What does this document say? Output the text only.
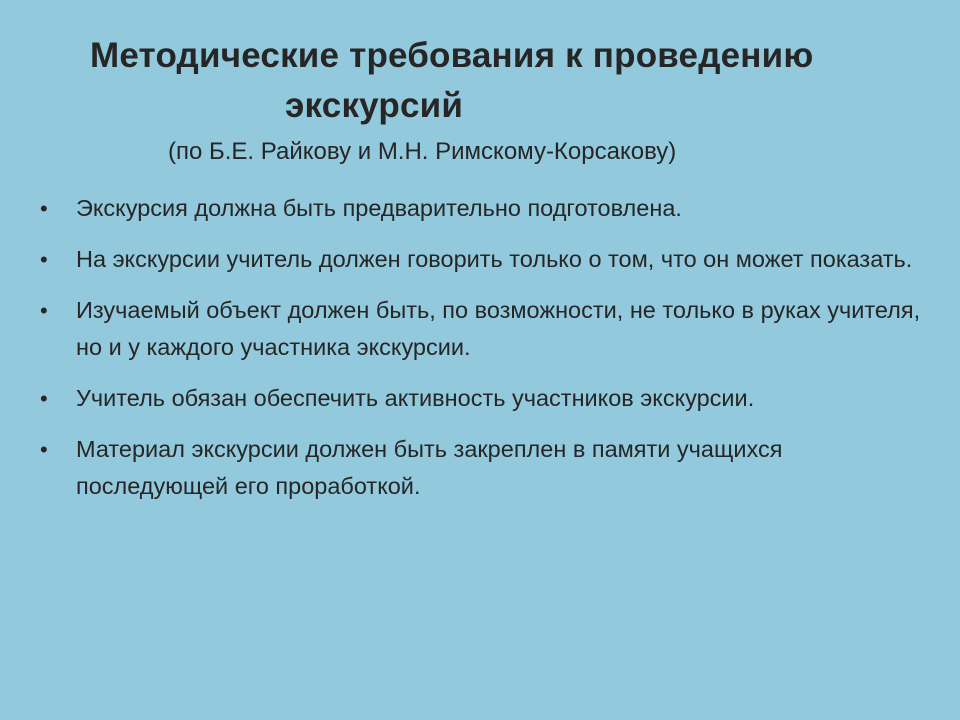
Методические требования к проведению
экскурсий
(по Б.Е. Райкову и М.Н. Римскому-Корсакову)
• Экскурсия должна быть предварительно подготовлена.
• На экскурсии учитель должен говорить только о том, что он может показать.
• Изучаемый объект должен быть, по возможности, не только в руках учителя, но и у каждого участника экскурсии.
• Учитель обязан обеспечить активность участников экскурсии.
• Материал экскурсии должен быть закреплен в памяти учащихся последующей его проработкой.
